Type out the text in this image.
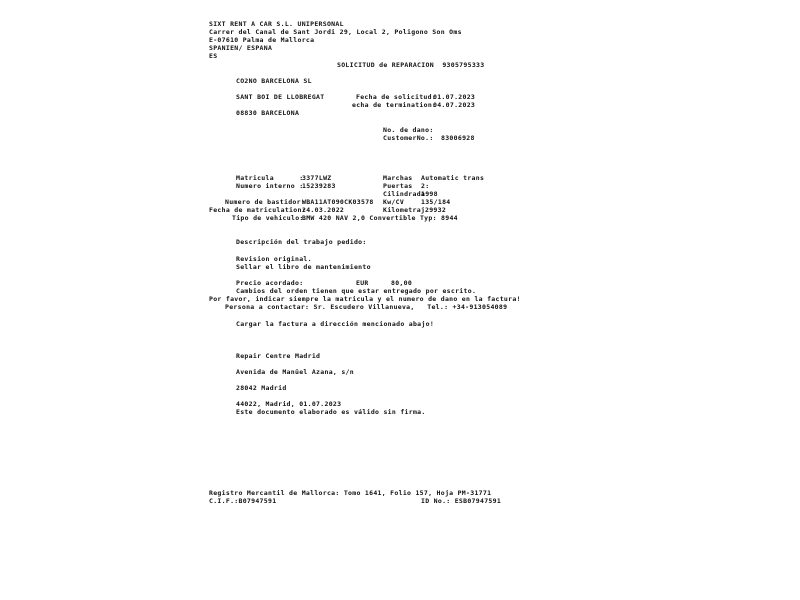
SIXT RENT A CAR S.L. UNIPERSONAL
Carrer del Canal de Sant Jordi 29, Local 2, Poligono Son Oms
E-07610 Palma de Mallorca
SPANIEN/ ESPANA
ES
SOLICITUD de REPARACION  9305795333
CO2NO BARCELONA SL
SANT BOI DE LLOBREGAT
08830 BARCELONA
Fecha de solicitud:
01.07.2023
echa de termination:
04.07.2023
No. de dano:
CustomerNo.: 83006928
Matricula      :
3377LWZ
Numero interno :
15239283
Numero de bastidor:
WBA11AT090CK03578
Fecha de matriculation:
24.03.2022
Tipo de vehiculo:
BMW 420 NAV 2,0 Convertible Typ: 8944
Marchas Automatic trans
Puertas 2:
Cilindrada
1998
Kw/CV	135/184
Kilometraj 29932
Descripción del trabajo pedido:
Revision original.
Sellar el libro de mantenimiento
Precio acordado:	EUR	80,00
Cambios del orden tienen que estar entregado por escrito.
Por favor, indicar siempre la matricula y el numero de dano en la factura!
Persona a contactar: Sr. Escudero Villanueva,   Tel.: +34-913054089
Cargar la factura a dirección mencionado abajo!
Repair Centre Madrid
Avenida de Manüel Azana, s/n
28042 Madrid
44022, Madrid, 01.07.2023
Este documento elaborado es válido sin firma.
Registro Mercantil de Mallorca: Tomo 1641, Folio 157, Hoja PM-31771
C.I.F.:B07947591	ID No.: ESB07947591
